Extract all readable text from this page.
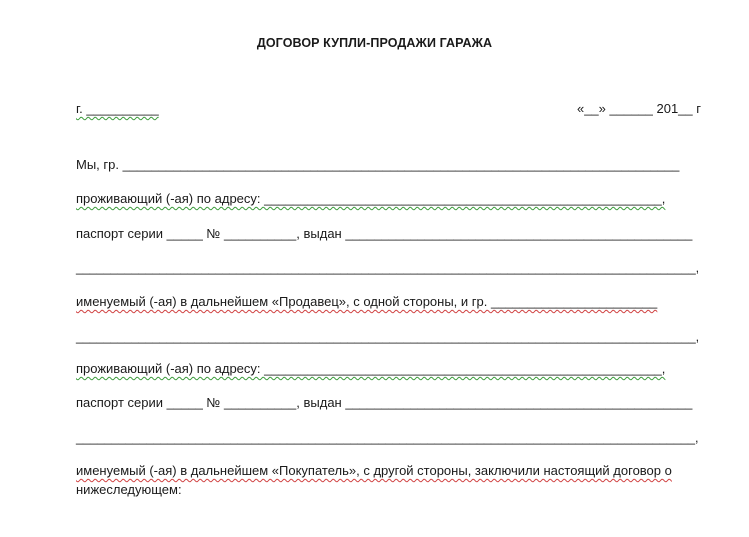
ДОГОВОР КУПЛИ-ПРОДАЖИ ГАРАЖА
г. __________	«__» ______ 201__ г
Мы, гр. _____________________________________________________________________________
проживающий (-ая) по адресу: _______________________________________________________,
паспорт серии _____ № __________, выдан ________________________________________________
_________________________________________________________________________________________,
именуемый (-ая) в дальнейшем «Продавец», с одной стороны, и гр. _______________________
_________________________________________________________________________________________,
проживающий (-ая) по адресу: _______________________________________________________,
паспорт серии _____ № __________, выдан ________________________________________________
________________________________________________________________________________________,
именуемый (-ая) в дальнейшем «Покупатель», с другой стороны, заключили настоящий договор о
нижеследующем:
